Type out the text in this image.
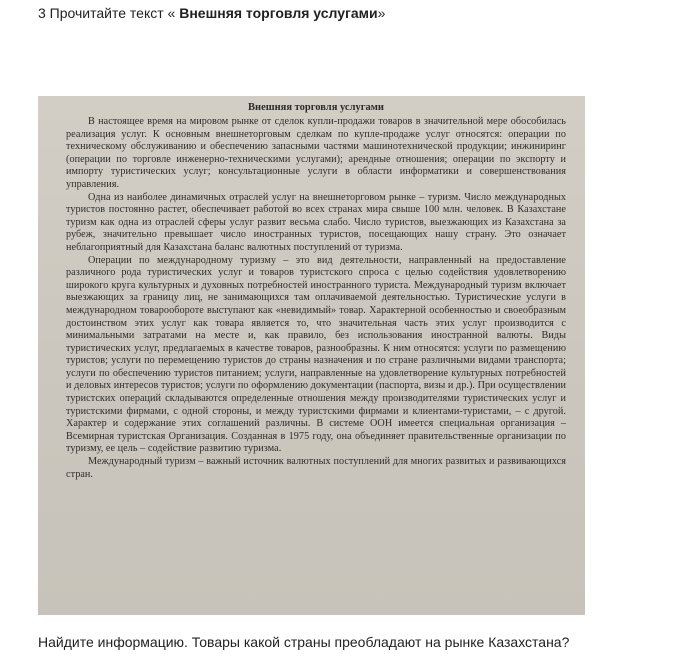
3 Прочитайте текст « Внешняя торговля услугами»
Внешняя торговля услугами

В настоящее время на мировом рынке от сделок купли-продажи товаров в значительной мере обособилась реализация услуг. К основным внешнеторговым сделкам по купле-продаже услуг относятся: операции по техническому обслуживанию и обеспечению запасными частями машинотехнической продукции; инжиниринг (операции по торговле инженерно-техническими услугами); арендные отношения; операции по экспорту и импорту туристических услуг; консультационные услуги в области информатики и совершенствования управления.

Одна из наиболее динамичных отраслей услуг на внешнеторговом рынке – туризм. Число международных туристов постоянно растет, обеспечивает работой во всех странах мира свыше 100 млн. человек. В Казахстане туризм как одна из отраслей сферы услуг развит весьма слабо. Число туристов, выезжающих из Казахстана за рубеж, значительно превышает число иностранных туристов, посещающих нашу страну. Это означает неблагоприятный для Казахстана баланс валютных поступлений от туризма.

Операции по международному туризму – это вид деятельности, направленный на предоставление различного рода туристических услуг и товаров туристского спроса с целью содействия удовлетворению широкого круга культурных и духовных потребностей иностранного туриста. Международный туризм включает выезжающих за границу лиц, не занимающихся там оплачиваемой деятельностью. Туристические услуги в международном товарообороте выступают как «невидимый» товар. Характерной особенностью и своеобразным достоинством этих услуг как товара является то, что значительная часть этих услуг производится с минимальными затратами на месте и, как правило, без использования иностранной валюты. Виды туристических услуг, предлагаемых в качестве товаров, разнообразны. К ним относятся: услуги по размещению туристов; услуги по перемещению туристов до страны назначения и по стране различными видами транспорта; услуги по обеспечению туристов питанием; услуги, направленные на удовлетворение культурных потребностей и деловых интересов туристов; услуги по оформлению документации (паспорта, визы и др.). При осуществлении туристских операций складываются определенные отношения между производителями туристических услуг и туристскими фирмами, с одной стороны, и между туристскими фирмами и клиентами-туристами, – с другой. Характер и содержание этих соглашений различны. В системе ООН имеется специальная организация – Всемирная туристская Организация. Созданная в 1975 году, она объединяет правительственные организации по туризму, ее цель – содействие развитию туризма.

Международный туризм – важный источник валютных поступлений для многих развитых и развивающихся стран.

Найдите информацию. Товары какой страны преобладают на рынке Казахстана?
